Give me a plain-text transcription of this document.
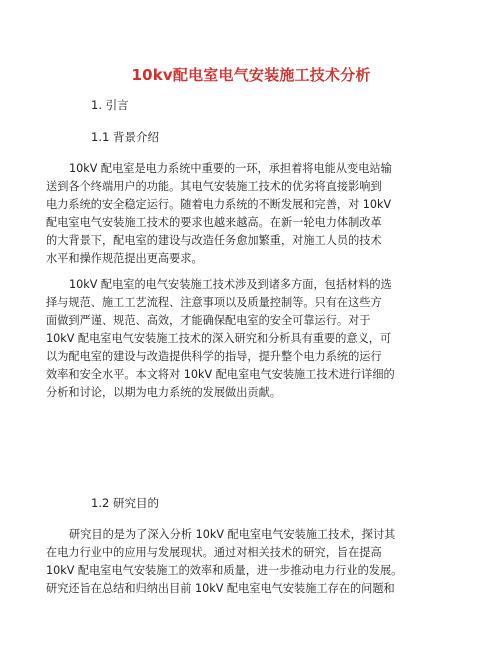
10kv配电室电气安装施工技术分析
1. 引言
1.1 背景介绍
10kV 配电室是电力系统中重要的一环，承担着将电能从变电站输
送到各个终端用户的功能。其电气安装施工技术的优劣将直接影响到
电力系统的安全稳定运行。随着电力系统的不断发展和完善，对 10kV
配电室电气安装施工技术的要求也越来越高。在新一轮电力体制改革
的大背景下，配电室的建设与改造任务愈加繁重，对施工人员的技术
水平和操作规范提出更高要求。
10kV 配电室的电气安装施工技术涉及到诸多方面，包括材料的选
择与规范、施工工艺流程、注意事项以及质量控制等。只有在这些方
面做到严谨、规范、高效，才能确保配电室的安全可靠运行。对于
10kV 配电室电气安装施工技术的深入研究和分析具有重要的意义，可
以为配电室的建设与改造提供科学的指导，提升整个电力系统的运行
效率和安全水平。本文将对 10kV 配电室电气安装施工技术进行详细的
分析和讨论，以期为电力系统的发展做出贡献。
1.2 研究目的
研究目的是为了深入分析 10kV 配电室电气安装施工技术，探讨其
在电力行业中的应用与发展现状。通过对相关技术的研究，旨在提高
10kV 配电室电气安装施工的效率和质量，进一步推动电力行业的发展。
研究还旨在总结和归纳出目前 10kV 配电室电气安装施工存在的问题和
